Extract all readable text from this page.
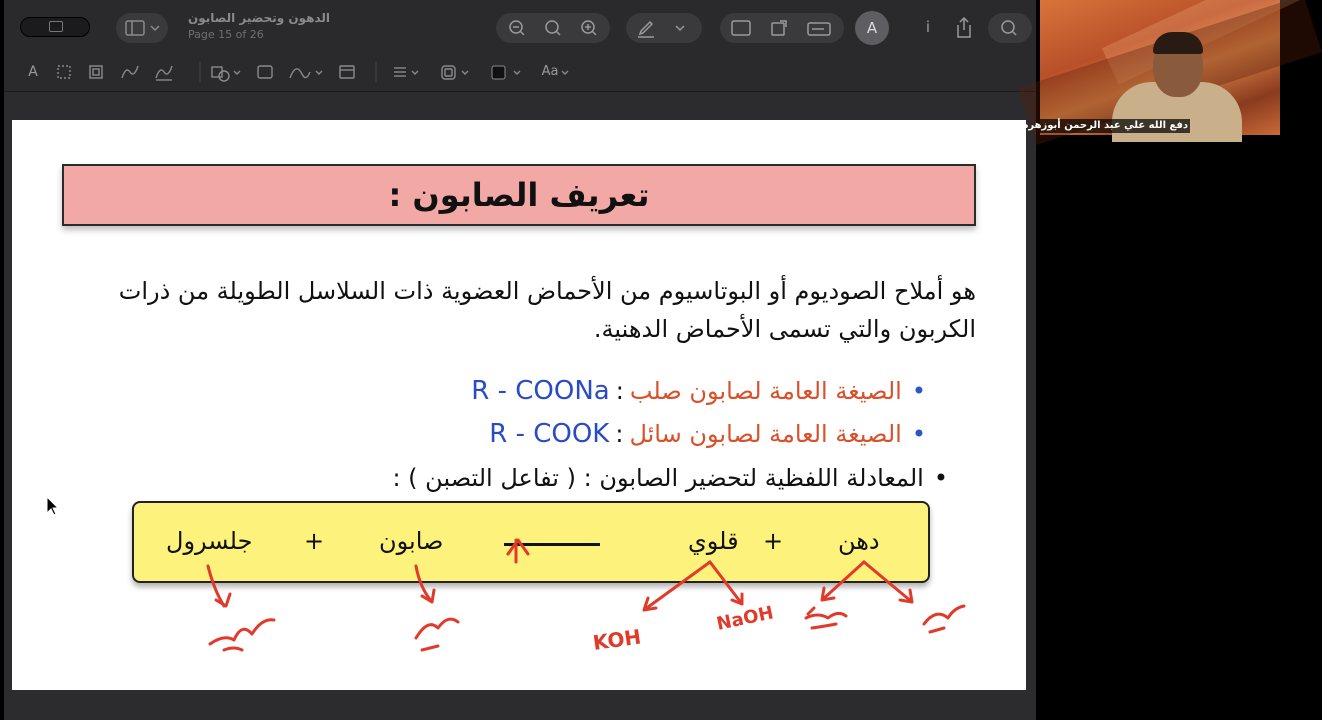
الدهون وتحضير الصابون
Page 15 of 26	A	i
A	Aa
تعريف الصابون :
هو أملاح الصوديوم أو البوتاسيوم من الأحماض العضوية ذات السلاسل الطويلة من ذرات الكربون والتي تسمى الأحماض الدهنية.
•الصيغة العامة لصابون صلب:R - COONa
•الصيغة العامة لصابون سائل:R - COOK
•المعادلة اللفظية لتحضير الصابون : ( تفاعل التصبن ) :
دهن
+
قلوي
صابون
+
جلسرول
KOH
NaOH
دفع الله علي عبد الرحمن أبوزهرة
